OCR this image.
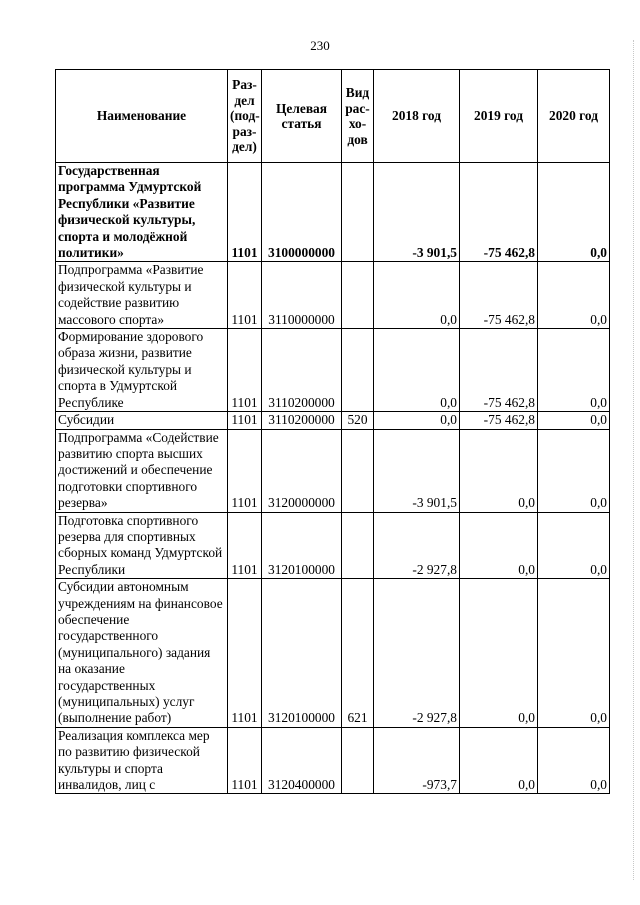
230
Наименование	Раз-дел (под-раз-дел)	Целевая статья	Вид рас-хо-дов	2018 год	2019 год	2020 год
Государственная программа Удмуртской Республики «Развитие физической культуры, спорта и молодёжной политики»	1101	3100000000		-3 901,5	-75 462,8	0,0
Подпрограмма «Развитие физической культуры и содействие развитию массового спорта»	1101	3110000000		0,0	-75 462,8	0,0
Формирование здорового образа жизни, развитие физической культуры и спорта в Удмуртской Республике	1101	3110200000		0,0	-75 462,8	0,0
Субсидии	1101	3110200000	520	0,0	-75 462,8	0,0
Подпрограмма «Содействие развитию спорта высших достижений и обеспечение подготовки спортивного резерва»	1101	3120000000		-3 901,5	0,0	0,0
Подготовка спортивного резерва для спортивных сборных команд Удмуртской Республики	1101	3120100000		-2 927,8	0,0	0,0
Субсидии автономным учреждениям на финансовое обеспечение государственного (муниципального) задания на оказание государственных (муниципальных) услуг (выполнение работ)	1101	3120100000	621	-2 927,8	0,0	0,0
Реализация комплекса мер по развитию физической культуры и спорта инвалидов, лиц с	1101	3120400000		-973,7	0,0	0,0
